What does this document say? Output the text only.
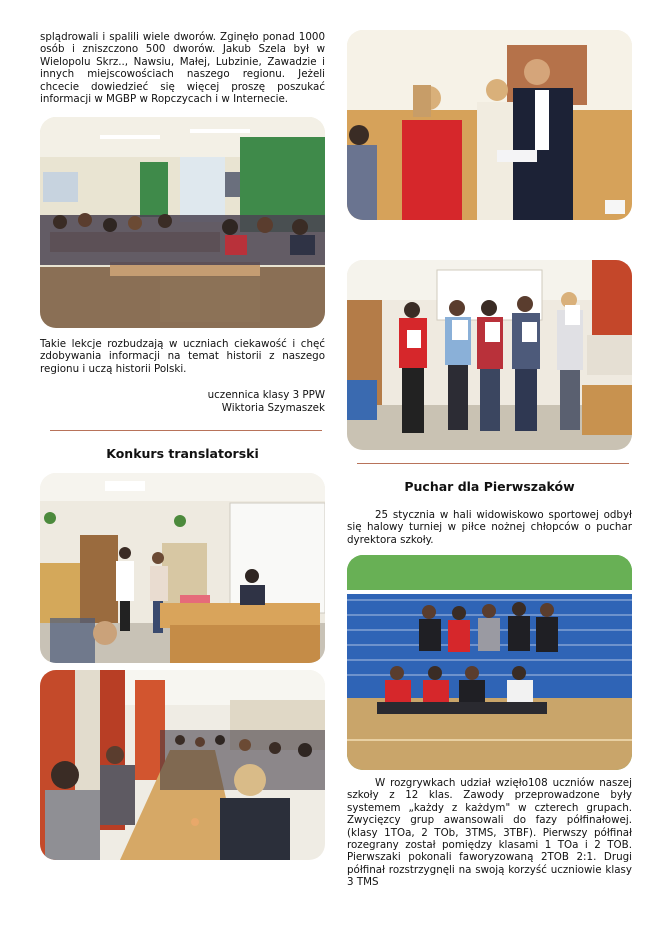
splądrowali i spalili wiele dworów. Zginęło ponad 1000 osób i zniszczono 500 dworów. Jakub Szela był w Wielopolu Skrz.., Nawsiu, Małej, Lubzinie, Zawadzie i innych miejscowościach naszego regionu. Jeżeli chcecie dowiedzieć się więcej proszę poszukać informacji w MGBP w Ropczycach i w Internecie.
Takie lekcje rozbudzają w uczniach ciekawość i chęć zdobywania informacji na temat historii z naszego regionu i uczą historii Polski.
uczennica klasy 3 PPW
Wiktoria Szymaszek
Konkurs translatorski
Puchar dla Pierwszaków
25 stycznia w hali widowiskowo sportowej odbył się halowy turniej w piłce nożnej chłopców o puchar dyrektora szkoły.
W rozgrywkach udział wzięło108 uczniów naszej szkoły z 12 klas. Zawody przeprowadzone były systemem „każdy z każdym" w czterech grupach. Zwycięzcy grup awansowali do fazy półfinałowej. (klasy 1TOa, 2 TOb, 3TMS, 3TBF). Pierwszy półfinał rozegrany został pomiędzy klasami 1 TOa i 2 TOB. Pierwszaki pokonali faworyzowaną 2TOB 2:1. Drugi półfinał rozstrzygnęli na swoją korzyść uczniowie klasy 3 TMS
